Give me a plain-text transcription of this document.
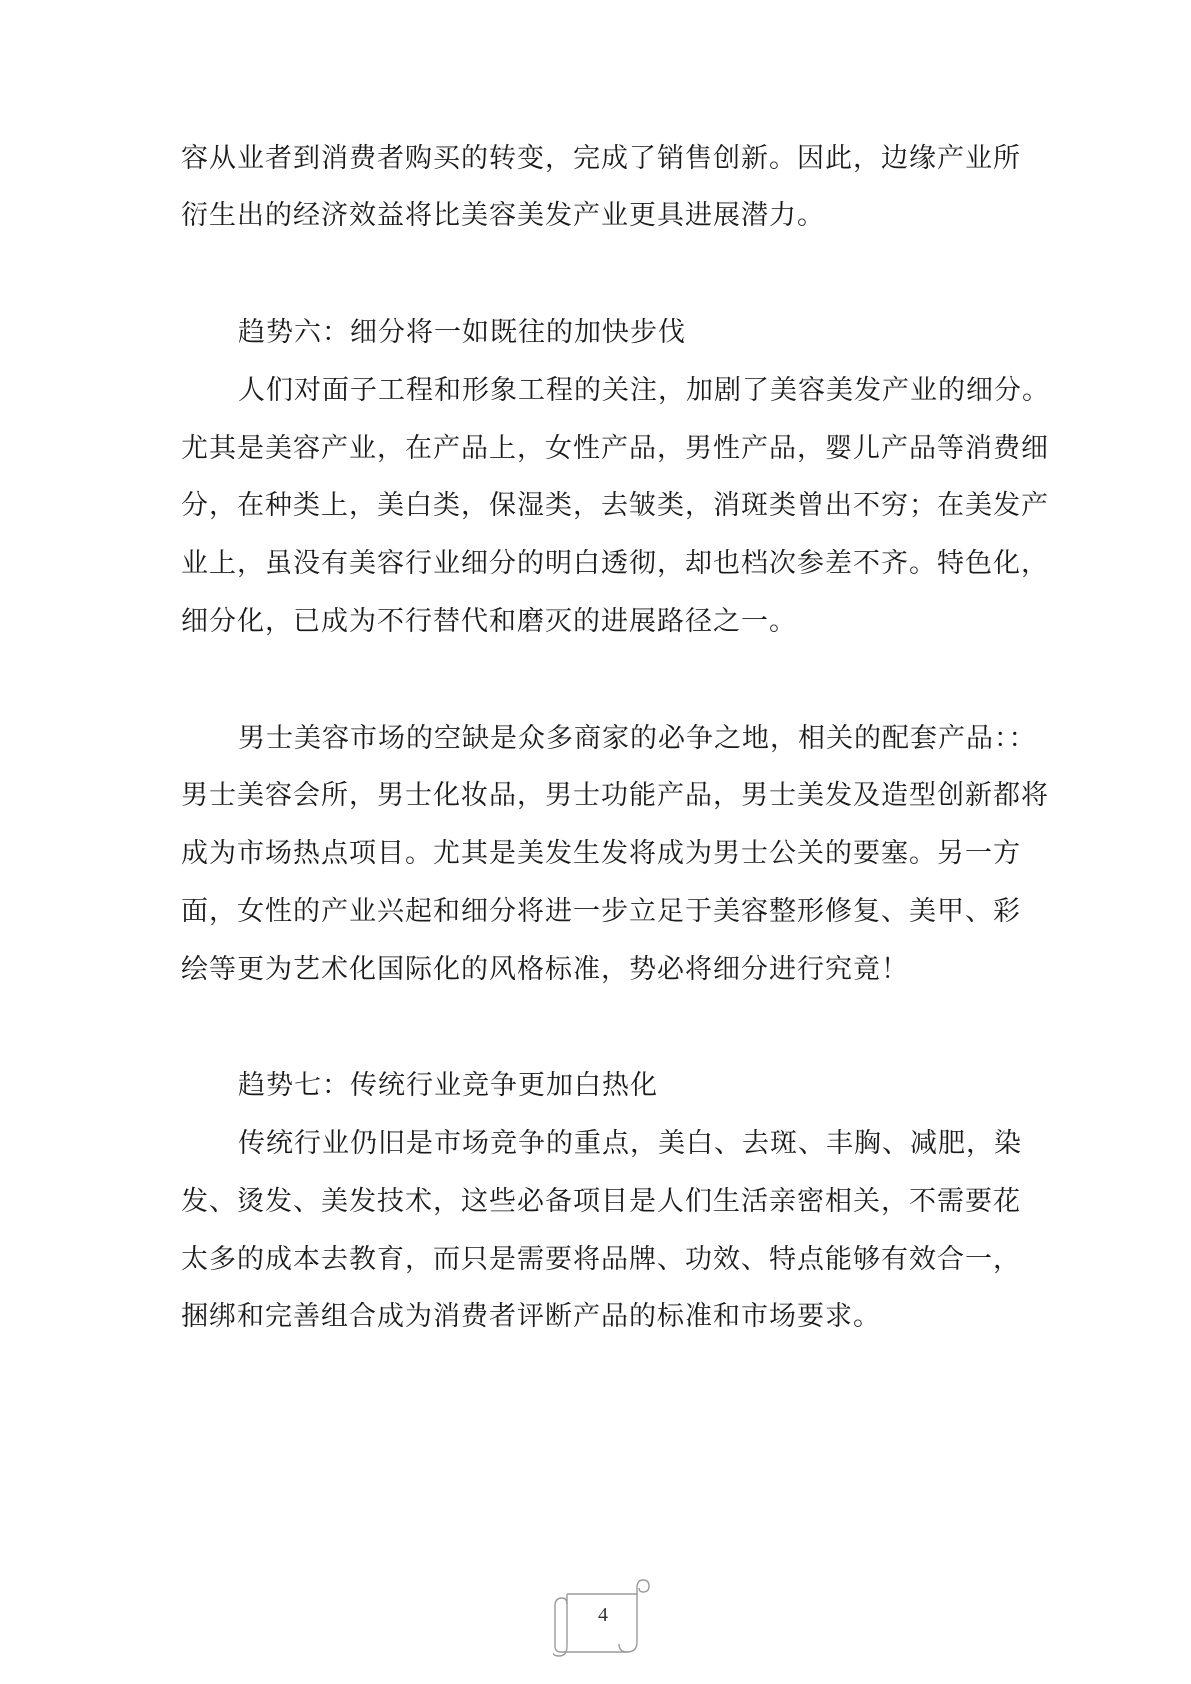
容从业者到消费者购买的转变，完成了销售创新。因此，边缘产业所
衍生出的经济效益将比美容美发产业更具进展潜力。
趋势六：细分将一如既往的加快步伐
人们对面子工程和形象工程的关注，加剧了美容美发产业的细分。
尤其是美容产业，在产品上，女性产品，男性产品，婴儿产品等消费细
分，在种类上，美白类，保湿类，去皱类，消斑类曾出不穷；在美发产
业上，虽没有美容行业细分的明白透彻，却也档次参差不齐。特色化，
细分化，已成为不行替代和磨灭的进展路径之一。
男士美容市场的空缺是众多商家的必争之地，相关的配套产品：：
男士美容会所，男士化妆品，男士功能产品，男士美发及造型创新都将
成为市场热点项目。尤其是美发生发将成为男士公关的要塞。另一方
面，女性的产业兴起和细分将进一步立足于美容整形修复、美甲、彩
绘等更为艺术化国际化的风格标准，势必将细分进行究竟！
趋势七：传统行业竞争更加白热化
传统行业仍旧是市场竞争的重点，美白、去斑、丰胸、减肥，染
发、烫发、美发技术，这些必备项目是人们生活亲密相关，不需要花
太多的成本去教育，而只是需要将品牌、功效、特点能够有效合一，
捆绑和完善组合成为消费者评断产品的标准和市场要求。
4
